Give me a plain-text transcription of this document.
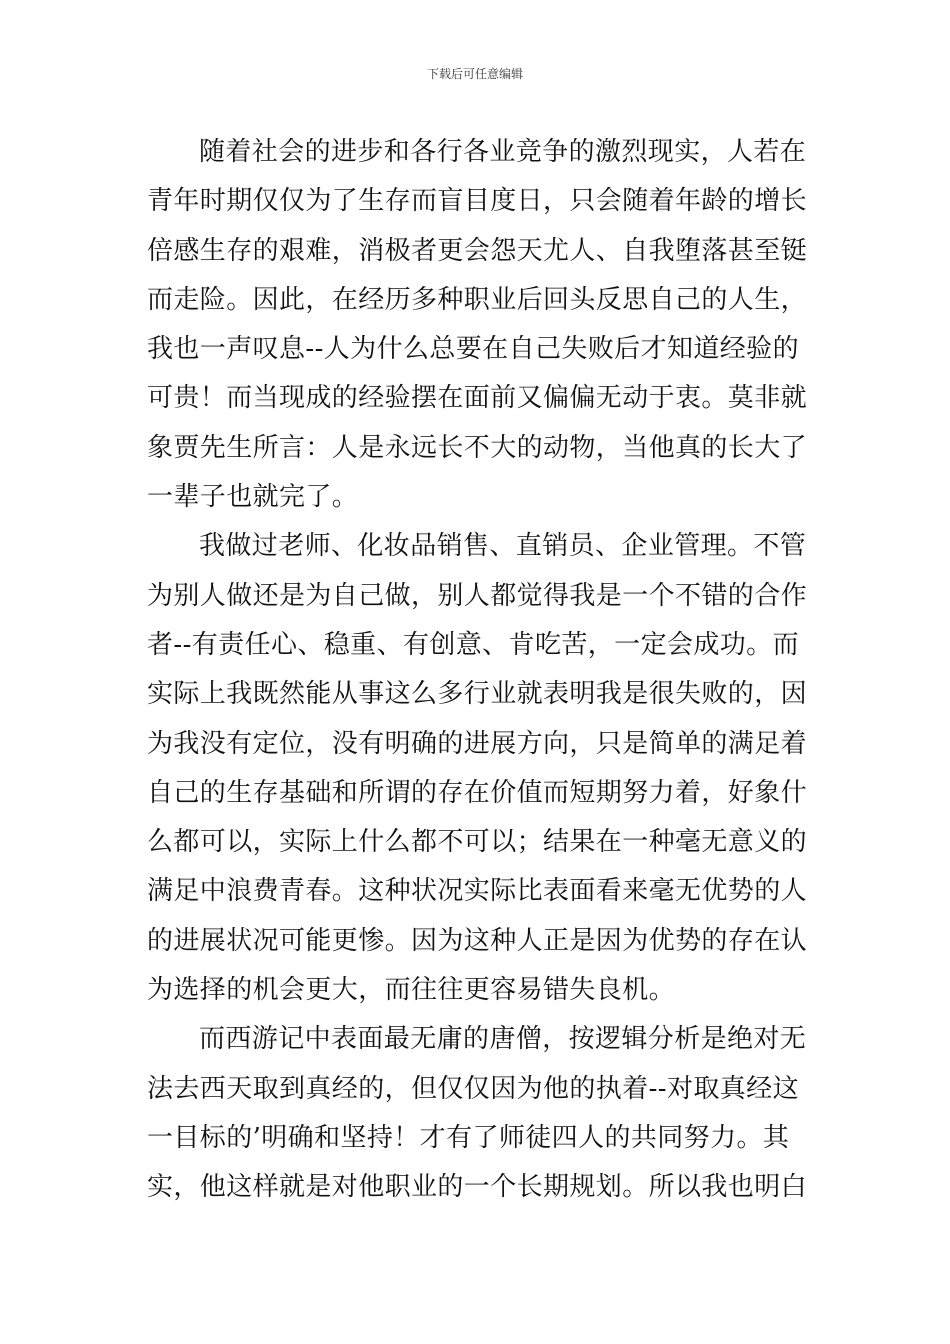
下载后可任意编辑
随着社会的进步和各行各业竞争的激烈现实，人若在
青年时期仅仅为了生存而盲目度日，只会随着年龄的增长
倍感生存的艰难，消极者更会怨天尤人、自我堕落甚至铤
而走险。因此，在经历多种职业后回头反思自己的人生，
我也一声叹息--人为什么总要在自己失败后才知道经验的
可贵！而当现成的经验摆在面前又偏偏无动于衷。莫非就
象贾先生所言：人是永远长不大的动物，当他真的长大了
一辈子也就完了。
我做过老师、化妆品销售、直销员、企业管理。不管
为别人做还是为自己做，别人都觉得我是一个不错的合作
者--有责任心、稳重、有创意、肯吃苦，一定会成功。而
实际上我既然能从事这么多行业就表明我是很失败的，因
为我没有定位，没有明确的进展方向，只是简单的满足着
自己的生存基础和所谓的存在价值而短期努力着，好象什
么都可以，实际上什么都不可以；结果在一种毫无意义的
满足中浪费青春。这种状况实际比表面看来毫无优势的人
的进展状况可能更惨。因为这种人正是因为优势的存在认
为选择的机会更大，而往往更容易错失良机。
而西游记中表面最无庸的唐僧，按逻辑分析是绝对无
法去西天取到真经的，但仅仅因为他的执着--对取真经这
一目标的’明确和坚持！才有了师徒四人的共同努力。其
实，他这样就是对他职业的一个长期规划。所以我也明白
